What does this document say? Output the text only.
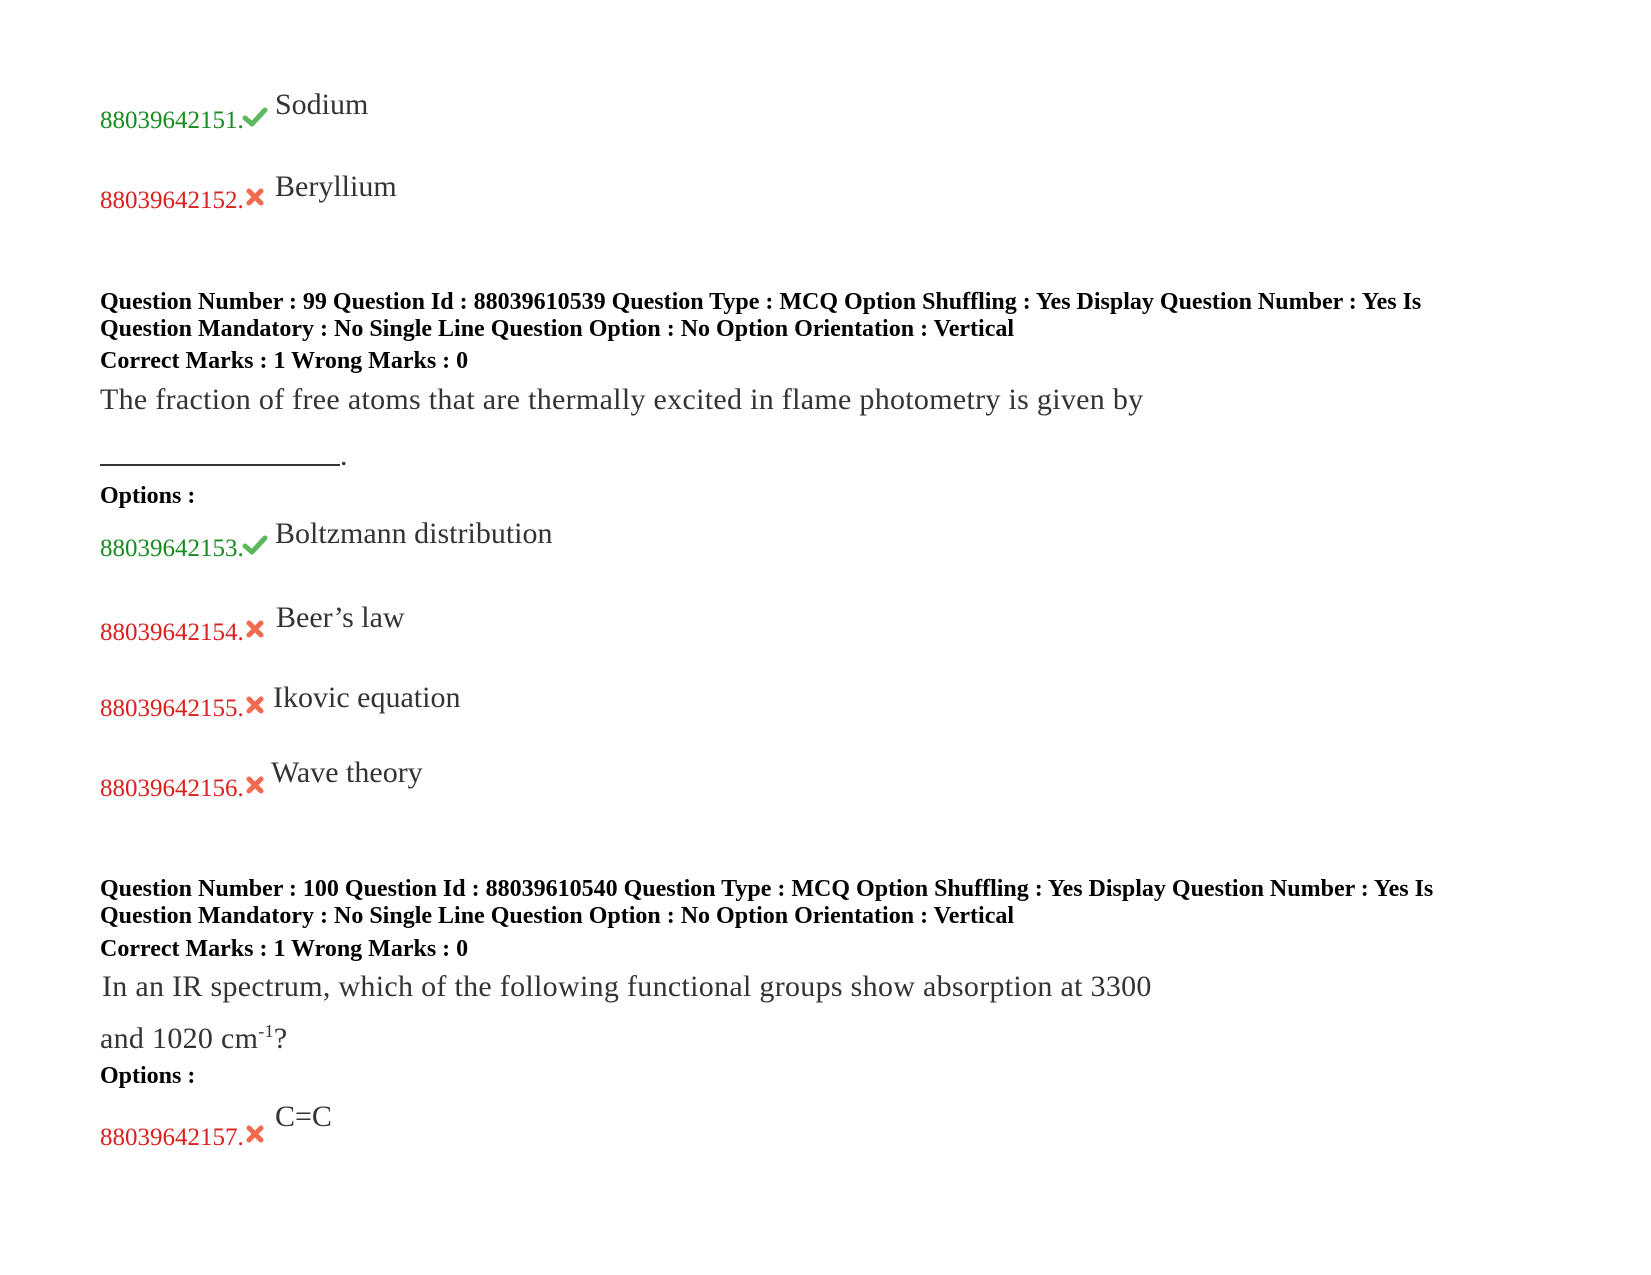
88039642151. Sodium
88039642152. Beryllium
Question Number : 99 Question Id : 88039610539 Question Type : MCQ Option Shuffling : Yes Display Question Number : Yes Is
Question Mandatory : No Single Line Question Option : No Option Orientation : Vertical
Correct Marks : 1 Wrong Marks : 0
The fraction of free atoms that are thermally excited in flame photometry is given by
.
Options :
88039642153. Boltzmann distribution
88039642154. Beer’s law
88039642155. Ikovic equation
88039642156. Wave theory
Question Number : 100 Question Id : 88039610540 Question Type : MCQ Option Shuffling : Yes Display Question Number : Yes Is
Question Mandatory : No Single Line Question Option : No Option Orientation : Vertical
Correct Marks : 1 Wrong Marks : 0
In an IR spectrum, which of the following functional groups show absorption at 3300
and 1020 $cm^{-1}$?
Options :
88039642157.
C=C
